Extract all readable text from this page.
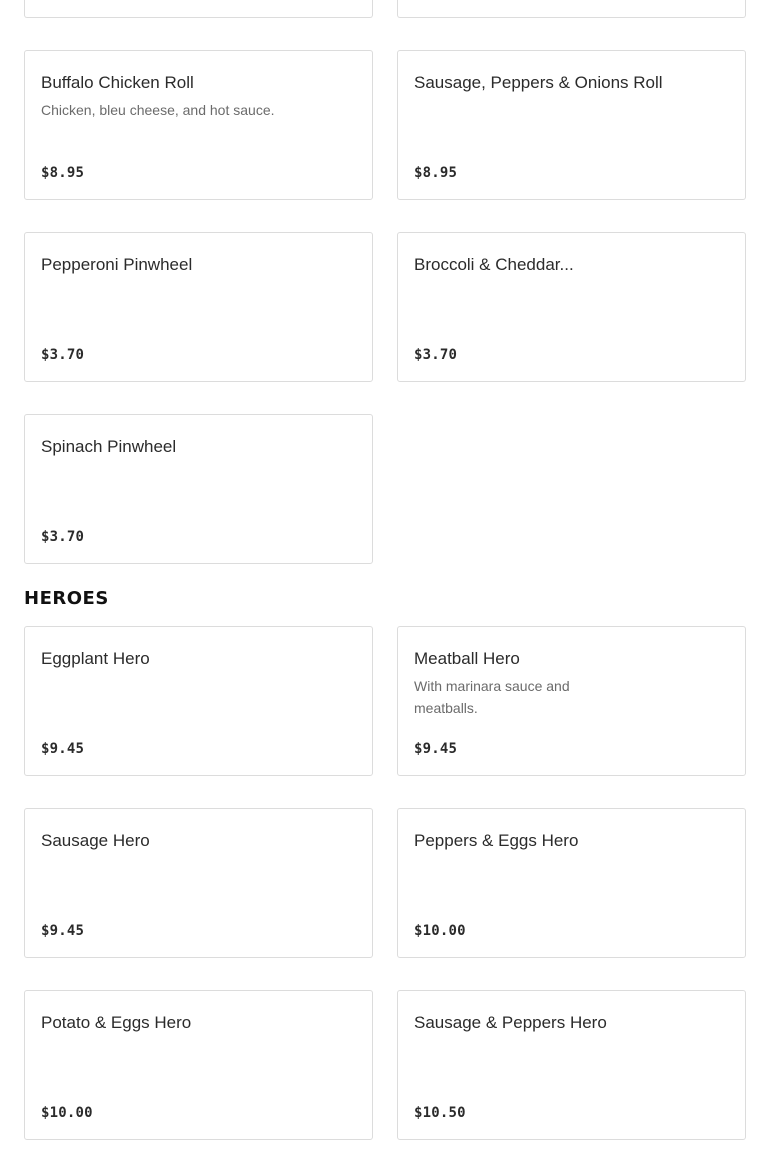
Buffalo Chicken Roll
Chicken, bleu cheese, and hot sauce.
$8.95
Sausage, Peppers & Onions Roll
$8.95
Pepperoni Pinwheel
$3.70
Broccoli & Cheddar...
$3.70
Spinach Pinwheel
$3.70
HEROES
Eggplant Hero
$9.45
Meatball Hero
With marinara sauce and meatballs.
$9.45
Sausage Hero
$9.45
Peppers & Eggs Hero
$10.00
Potato & Eggs Hero
$10.00
Sausage & Peppers Hero
$10.50
